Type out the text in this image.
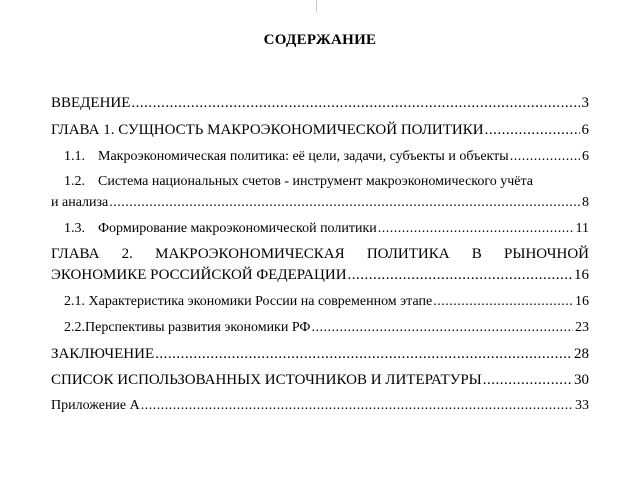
СОДЕРЖАНИЕ
ВВЕДЕНИЕ .....	3
ГЛАВА 1. СУЩНОСТЬ МАКРОЭКОНОМИЧЕСКОЙ ПОЛИТИКИ .....	6
1.1. Макроэкономическая политика: её цели, задачи, субъекты и объекты .....	6
1.2. Система национальных счетов - инструмент макроэкономического учёта
и анализа .....	8
1.3. Формирование макроэкономической политики .....	11
ГЛАВА 2. МАКРОЭКОНОМИЧЕСКАЯ ПОЛИТИКА В РЫНОЧНОЙ
ЭКОНОМИКЕ РОССИЙСКОЙ ФЕДЕРАЦИИ .....	16
2.1. Характеристика экономики России на современном этапе .....	16
2.2.Перспективы развития экономики РФ .....	23
ЗАКЛЮЧЕНИЕ .....	28
СПИСОК ИСПОЛЬЗОВАННЫХ ИСТОЧНИКОВ И ЛИТЕРАТУРЫ .....	30
Приложение А .....	33
